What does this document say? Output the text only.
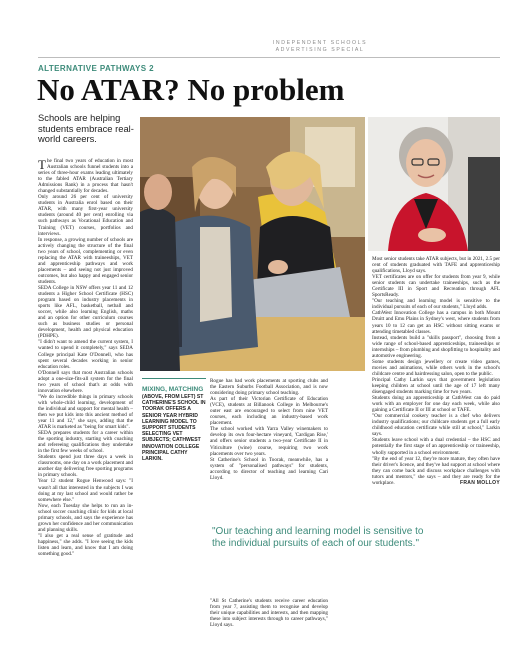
INDEPENDENT SCHOOLS
ADVERTISING SPECIAL
ALTERNATIVE PATHWAYS 2
No ATAR? No problem
Schools are helping students embrace real-world careers.

The final two years of education in most Australian schools funnel students into a series of three-hour exams leading ultimately to the fabled ATAR (Australian Tertiary Admissions Rank) in a process that hasn't changed substantially for decades.

Only around 26 per cent of university students in Australia enrol based on their ATAR, with many first-year university students (around 40 per cent) enrolling via such pathways as Vocational Education and Training (VET) courses, portfolios and interviews.

In response, a growing number of schools are actively changing the structure of the final two years of school, complementing or even replacing the ATAR with traineeships, VET and apprenticeship pathways and work placements – and seeing not just improved outcomes, but also happy and engaged senior students.

SEDA College in NSW offers year 11 and 12 students a Higher School Certificate (HSC) program based on industry placements in sports like AFL, basketball, netball and soccer, while also learning English, maths and an option for other curriculum courses such as business studies or personal development, health and physical education (PDHPE).

"I didn't want to amend the current system, I wanted to upend it completely," says SEDA College principal Kate O'Donnell, who has spent several decades working in senior education roles.

O'Donnell says that most Australian schools adopt a one-size-fits-all system for the final two years of school that's at odds with innovation elsewhere.

"We do incredible things in primary schools with whole-child learning, development of the individual and support for mental health – then we put kids into this ancient method of year 11 and 12," she says, adding that the ATAR is marketed as "being for smart kids".

SEDA prepares students for a career within the sporting industry, starting with coaching and refereeing qualifications they undertake in the first few weeks of school.

Students spend just three days a week in classrooms, one day on a work placement and another day delivering free sporting programs in primary schools.

Year 12 student Rogue Henwood says: "I wasn't all that interested in the subjects I was doing at my last school and would rather be somewhere else."

Now, each Tuesday she helps to run an in-school soccer coaching clinic for kids at local primary schools, and says the experience has grown her confidence and her communication and planning skills.

"I also get a real sense of gratitude and happiness," she adds. "I love seeing the kids listen and learn, and know that I am doing something good."

MIXING, MATCHING
(ABOVE, FROM LEFT) ST CATHERINE'S SCHOOL IN TOORAK OFFERS A SENIOR YEAR HYBRID LEARNING MODEL TO SUPPORT STUDENTS SELECTING VET SUBJECTS; CATHWEST INNOVATION COLLEGE PRINCIPAL CATHY LARKIN.

Rogue has had work placements at sporting clubs and the Eastern Suburbs Football Association, and is now considering doing primary school teaching.

As part of their Victorian Certificate of Education (VCE), students at Billanook College in Melbourne's outer east are encouraged to select from nine VET courses, each including an industry-based work placement.

The school worked with Yarra Valley winemakers to develop its own four-hectare vineyard, 'Cardigan Rise,' and offers senior students a two-year Certificate II in Viticulture (wine) course, requiring two work placements over two years.

St Catherine's School in Toorak, meanwhile, has a system of "personalised pathways" for students, according to director of teaching and learning Cari Lloyd.

"Our teaching and learning model is sensitive to the individual pursuits of each of our students."

"All St Catherine's students receive career education from year 7, assisting them to recognise and develop their unique capabilities and interests, and then mapping these into subject interests through to career pathways," Lloyd says.

Most senior students take ATAR subjects, but in 2021, 2.5 per cent of students graduated with TAFE and apprenticeship qualifications, Lloyd says.

VET certificates are on offer for students from year 9, while senior students can undertake traineeships, such as the Certificate III in Sport and Recreation through AFL SportsReady.

"Our teaching and learning model is sensitive to the individual pursuits of each of our students," Lloyd adds.

CathWest Innovation College has a campus in both Mount Druitt and Emu Plains in Sydney's west, where students from years 10 to 12 can get an HSC without sitting exams or attending timetabled classes.

Instead, students build a "skills passport", choosing from a wide range of school-based apprenticeships, traineeships or internships – from plumbing and shopfitting to hospitality and automotive engineering.

Some students design jewellery or create video games, movies and animations, while others work in the school's childcare centre and hairdressing salon, open to the public.

Principal Cathy Larkin says that government legislation keeping children at school until the age of 17 left many disengaged students marking time for two years.

Students doing an apprenticeship at CathWest can do paid work with an employer for one day each week, while also gaining a Certificate II or III at school or TAFE.

"Our commercial cookery teacher is a chef who delivers industry qualifications; our childcare students get a full early childhood education certificate while still at school," Larkin says.

Students leave school with a dual credential – the HSC and potentially the first stage of an apprenticeship or traineeship, wholly supported in a school environment.

"By the end of year 12, they're more mature, they often have their driver's licence, and they've had support at school where they can come back and discuss workplace challenges with tutors and mentors," she says – and they are ready for the workplace.	FRAN MOLLOY
